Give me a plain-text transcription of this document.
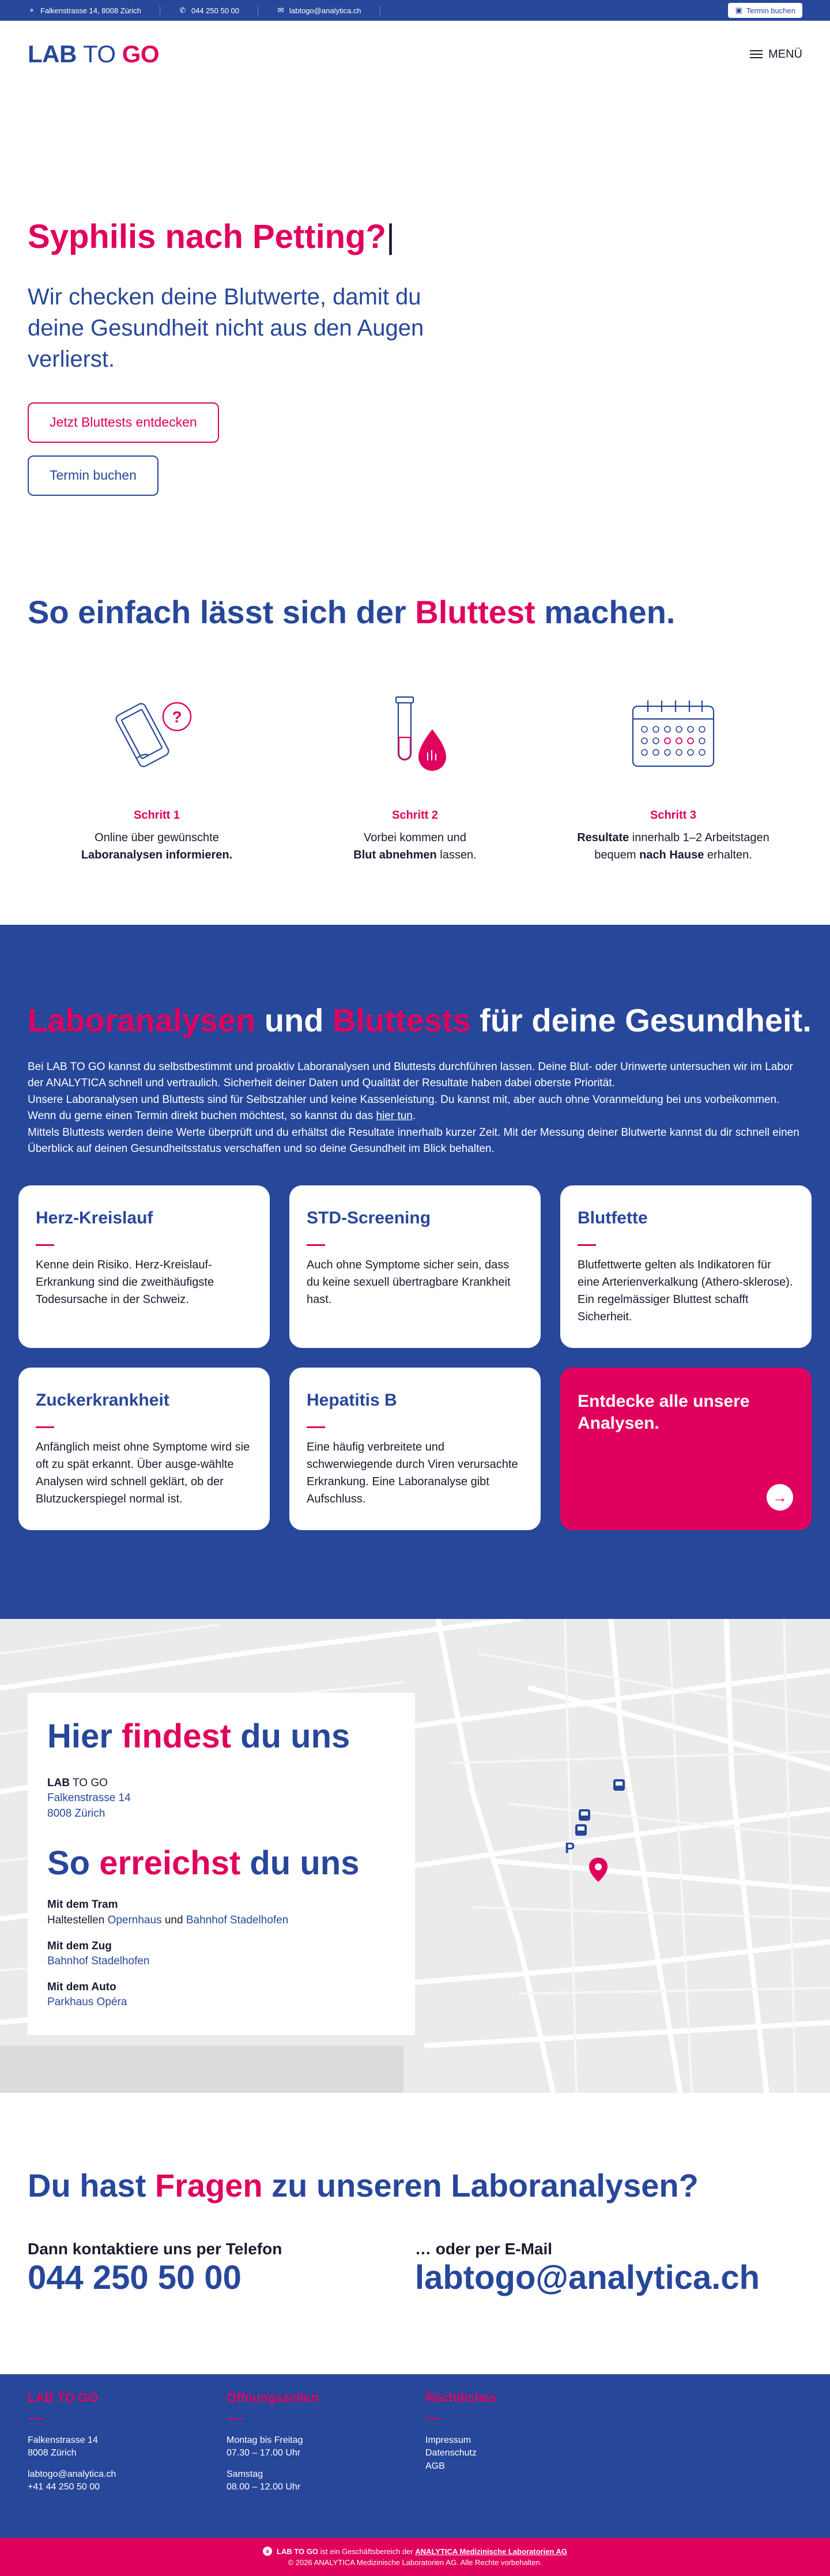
⌖ Falkenstrasse 14, 8008 Zürich	✆ 044 250 50 00	✉ labtogo@analytica.ch	▣ Termin buchen
LAB TO GO	MENÜ
Syphilis nach Petting?|

Wir checken deine Blutwerte, damit du deine Gesundheit nicht aus den Augen verlierst.

Jetzt Bluttests entdecken
Termin buchen
So einfach lässt sich der Bluttest machen.
?
Schritt 1
Online über gewünschte
Laboranalysen informieren.
Schritt 2
Vorbei kommen und
Blut abnehmen lassen.
Schritt 3
Resultate innerhalb 1–2 Arbeitstagen
bequem nach Hause erhalten.
Laboranalysen und Bluttests für deine Gesundheit.

Bei LAB TO GO kannst du selbstbestimmt und proaktiv Laboranalysen und Bluttests durchführen lassen. Deine Blut- oder Urinwerte untersuchen wir im Labor der ANALYTICA schnell und vertraulich. Sicherheit deiner Daten und Qualität der Resultate haben dabei oberste Priorität.

Unsere Laboranalysen und Bluttests sind für Selbstzahler und keine Kassenleistung. Du kannst mit, aber auch ohne Voranmeldung bei uns vorbeikommen. Wenn du gerne einen Termin direkt buchen möchtest, so kannst du das hier tun.

Mittels Bluttests werden deine Werte überprüft und du erhältst die Resultate innerhalb kurzer Zeit. Mit der Messung deiner Blutwerte kannst du dir schnell einen Überblick auf deinen Gesundheitsstatus verschaffen und so deine Gesundheit im Blick behalten.

Herz-Kreislauf

Kenne dein Risiko. Herz-Kreislauf-Erkrankung sind die zweithäufigste Todesursache in der Schweiz.

STD-Screening

Auch ohne Symptome sicher sein, dass du keine sexuell übertragbare Krankheit hast.

Blutfette

Blutfettwerte gelten als Indikatoren für eine Arterienverkalkung (Athero-sklerose). Ein regelmässiger Bluttest schafft Sicherheit.

Zuckerkrankheit

Anfänglich meist ohne Symptome wird sie oft zu spät erkannt. Über ausge-wählte Analysen wird schnell geklärt, ob der Blutzuckerspiegel normal ist.

Hepatitis B

Eine häufig verbreitete und schwerwiegende durch Viren verursachte Erkrankung. Eine Laboranalyse gibt Aufschluss.

Entdecke alle unsere Analysen.
→
P
Hier findest du uns
LAB TO GO
Falkenstrasse 14
8008 Zürich
So erreichst du uns
Mit dem Tram
Haltestellen Opernhaus und Bahnhof Stadelhofen
Mit dem Zug
Bahnhof Stadelhofen
Mit dem Auto
Parkhaus Opéra
Du hast Fragen zu unseren Laboranalysen?
Dann kontaktiere uns per Telefon
044 250 50 00
… oder per E-Mail
labtogo@analytica.ch
LAB TO GO

Falkenstrasse 14

8008 Zürich

labtogo@analytica.ch

+41 44 250 50 00

Öffnungszeiten

Montag bis Freitag

07.30 – 17.00 Uhr

Samstag

08.00 – 12.00 Uhr

Rechtliches

Impressum

Datenschutz

AGB

a	LAB TO GO ist ein Geschäftsbereich der ANALYTICA Medizinische Laboratorien AG
© 2026 ANALYTICA Medizinische Laboratorien AG. Alle Rechte vorbehalten.
